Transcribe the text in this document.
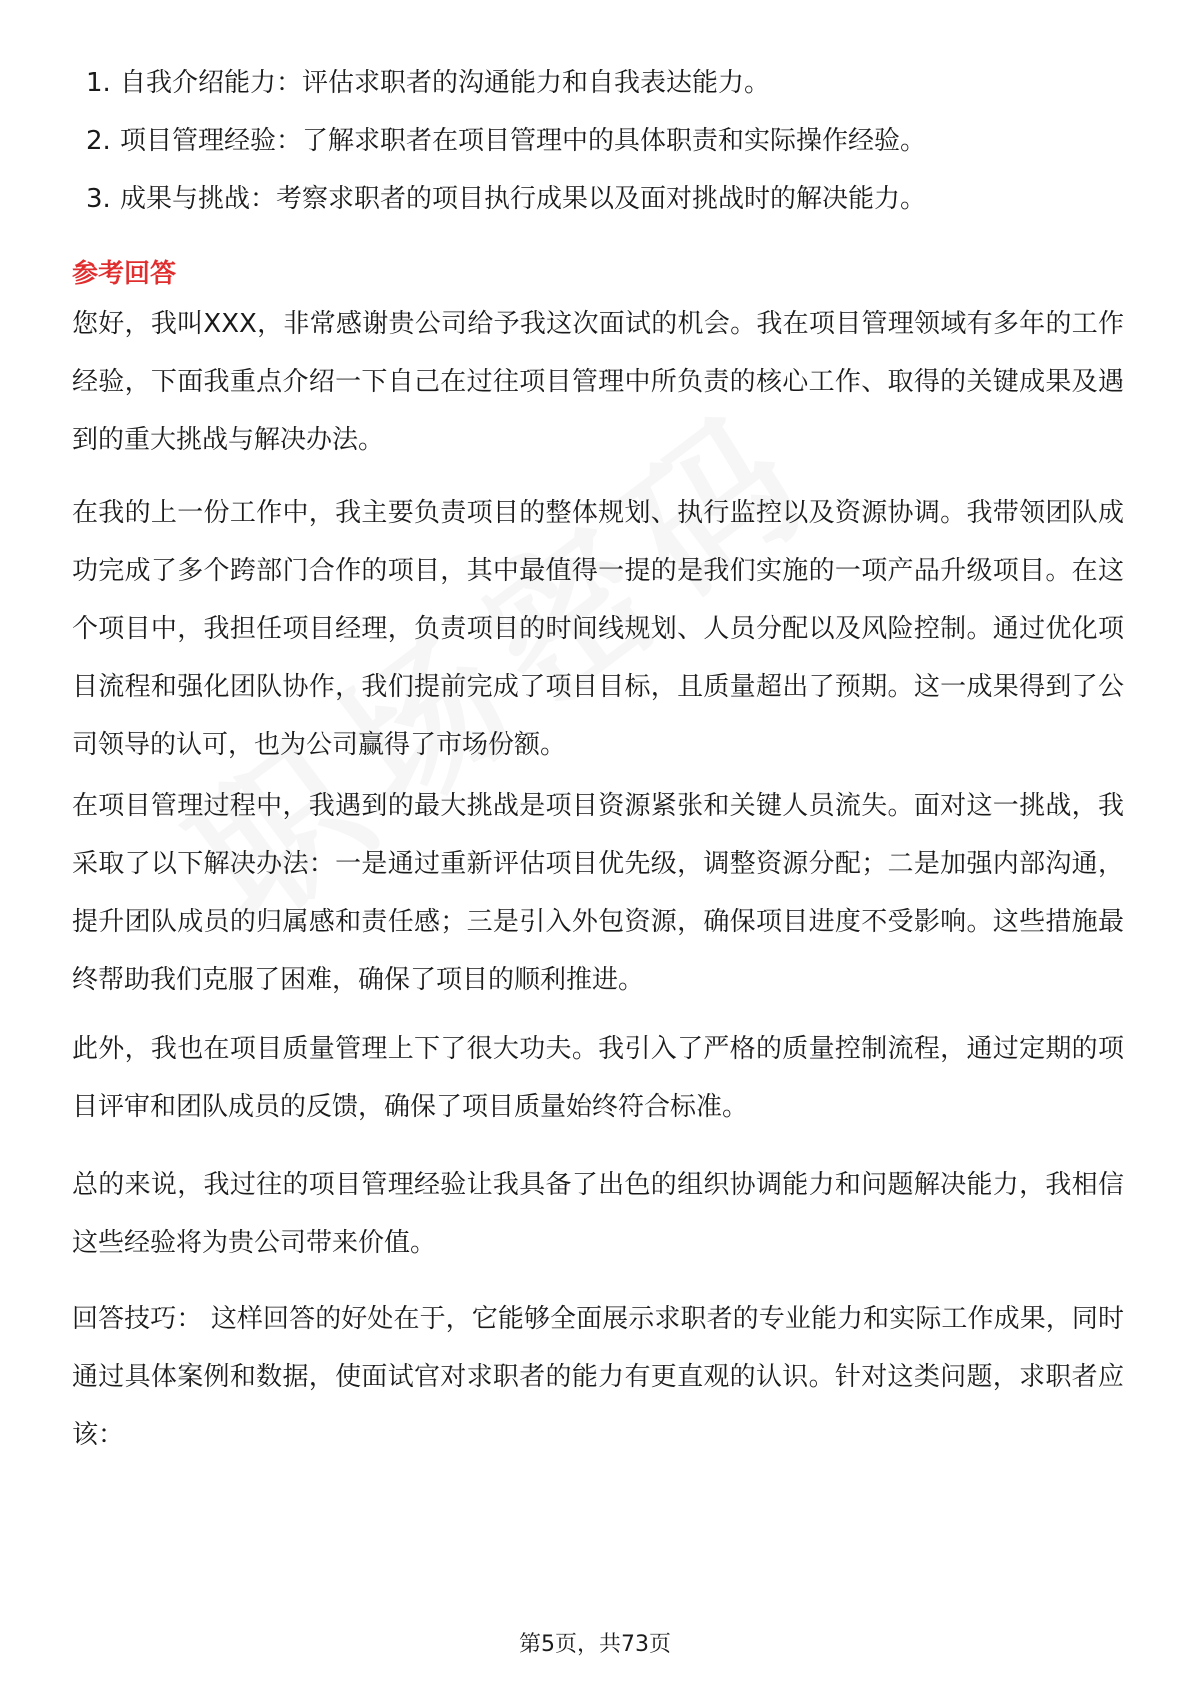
1. 自我介绍能力：评估求职者的沟通能力和自我表达能力。
2. 项目管理经验：了解求职者在项目管理中的具体职责和实际操作经验。
3. 成果与挑战：考察求职者的项目执行成果以及面对挑战时的解决能力。
参考回答

您好，我叫XXX，非常感谢贵公司给予我这次面试的机会。我在项目管理领域有多年的工作经验，下面我重点介绍一下自己在过往项目管理中所负责的核心工作、取得的关键成果及遇到的重大挑战与解决办法。

在我的上一份工作中，我主要负责项目的整体规划、执行监控以及资源协调。我带领团队成功完成了多个跨部门合作的项目，其中最值得一提的是我们实施的一项产品升级项目。在这个项目中，我担任项目经理，负责项目的时间线规划、人员分配以及风险控制。通过优化项目流程和强化团队协作，我们提前完成了项目目标，且质量超出了预期。这一成果得到了公司领导的认可，也为公司赢得了市场份额。

在项目管理过程中，我遇到的最大挑战是项目资源紧张和关键人员流失。面对这一挑战，我采取了以下解决办法：一是通过重新评估项目优先级，调整资源分配；二是加强内部沟通，提升团队成员的归属感和责任感；三是引入外包资源，确保项目进度不受影响。这些措施最终帮助我们克服了困难，确保了项目的顺利推进。

此外，我也在项目质量管理上下了很大功夫。我引入了严格的质量控制流程，通过定期的项目评审和团队成员的反馈，确保了项目质量始终符合标准。

总的来说，我过往的项目管理经验让我具备了出色的组织协调能力和问题解决能力，我相信这些经验将为贵公司带来价值。

回答技巧： 这样回答的好处在于，它能够全面展示求职者的专业能力和实际工作成果，同时通过具体案例和数据，使面试官对求职者的能力有更直观的认识。针对这类问题，求职者应该：

第5页，共73页
